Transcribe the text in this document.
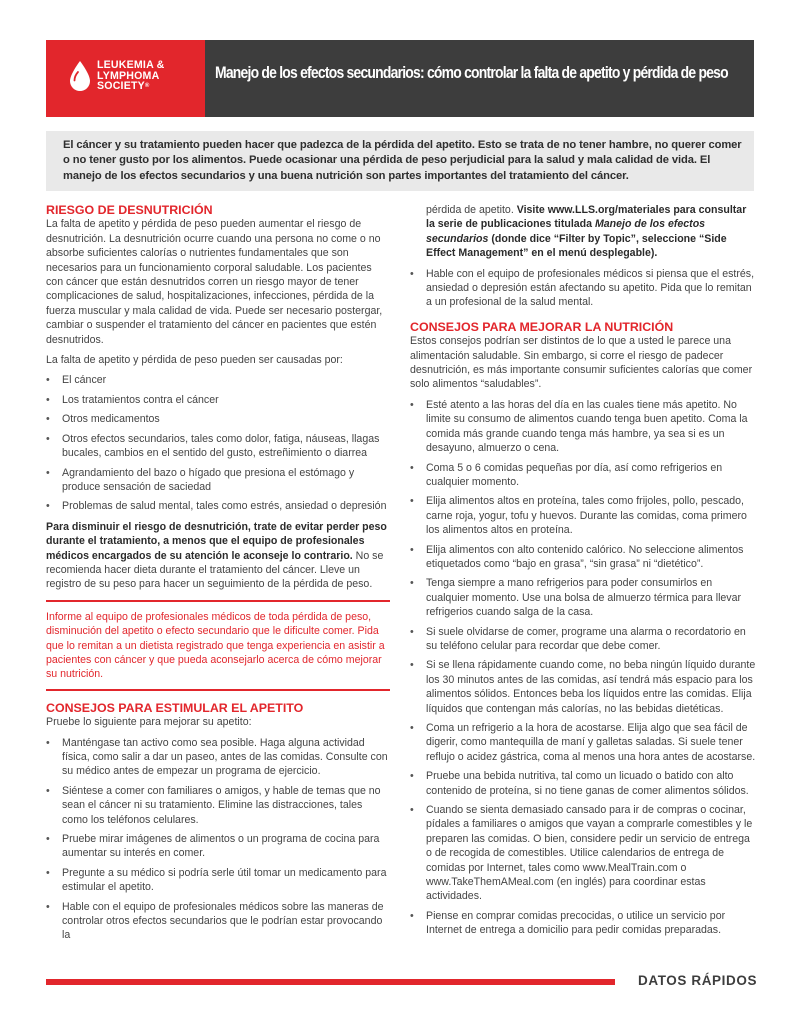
LEUKEMIA &
LYMPHOMA
SOCIETY®
Manejo de los efectos secundarios: cómo controlar la falta de apetito y pérdida de peso

El cáncer y su tratamiento pueden hacer que padezca de la pérdida del apetito. Esto se trata de no tener hambre, no querer comer o no tener gusto por los alimentos. Puede ocasionar una pérdida de peso perjudicial para la salud y mala calidad de vida. El manejo de los efectos secundarios y una buena nutrición son partes importantes del tratamiento del cáncer.

RIESGO DE DESNUTRICIÓN

La falta de apetito y pérdida de peso pueden aumentar el riesgo de desnutrición. La desnutrición ocurre cuando una persona no come o no absorbe suficientes calorías o nutrientes fundamentales que son necesarios para un funcionamiento corporal saludable. Los pacientes con cáncer que están desnutridos corren un riesgo mayor de tener complicaciones de salud, hospitalizaciones, infecciones, pérdida de la fuerza muscular y mala calidad de vida. Puede ser necesario postergar, cambiar o suspender el tratamiento del cáncer en pacientes que estén desnutridos.

La falta de apetito y pérdida de peso pueden ser causadas por:

• El cáncer
• Los tratamientos contra el cáncer
• Otros medicamentos
• Otros efectos secundarios, tales como dolor, fatiga, náuseas, llagas bucales, cambios en el sentido del gusto, estreñimiento o diarrea
• Agrandamiento del bazo o hígado que presiona el estómago y produce sensación de saciedad
• Problemas de salud mental, tales como estrés, ansiedad o depresión

Para disminuir el riesgo de desnutrición, trate de evitar perder peso durante el tratamiento, a menos que el equipo de profesionales médicos encargados de su atención le aconseje lo contrario. No se recomienda hacer dieta durante el tratamiento del cáncer. Lleve un registro de su peso para hacer un seguimiento de la pérdida de peso.

Informe al equipo de profesionales médicos de toda pérdida de peso, disminución del apetito o efecto secundario que le dificulte comer. Pida que lo remitan a un dietista registrado que tenga experiencia en asistir a pacientes con cáncer y que pueda aconsejarlo acerca de cómo mejorar su nutrición.
CONSEJOS PARA ESTIMULAR EL APETITO

Pruebe lo siguiente para mejorar su apetito:

• Manténgase tan activo como sea posible. Haga alguna actividad física, como salir a dar un paseo, antes de las comidas. Consulte con su médico antes de empezar un programa de ejercicio.
• Siéntese a comer con familiares o amigos, y hable de temas que no sean el cáncer ni su tratamiento. Elimine las distracciones, tales como los teléfonos celulares.
• Pruebe mirar imágenes de alimentos o un programa de cocina para aumentar su interés en comer.
• Pregunte a su médico si podría serle útil tomar un medicamento para estimular el apetito.
• Hable con el equipo de profesionales médicos sobre las maneras de controlar otros efectos secundarios que le podrían estar provocando la

pérdida de apetito. Visite www.LLS.org/materiales para consultar la serie de publicaciones titulada Manejo de los efectos secundarios (donde dice “Filter by Topic”, seleccione “Side Effect Management” en el menú desplegable).

• Hable con el equipo de profesionales médicos si piensa que el estrés, ansiedad o depresión están afectando su apetito. Pida que lo remitan a un profesional de la salud mental.
CONSEJOS PARA MEJORAR LA NUTRICIÓN

Estos consejos podrían ser distintos de lo que a usted le parece una alimentación saludable. Sin embargo, si corre el riesgo de padecer desnutrición, es más importante consumir suficientes calorías que comer solo alimentos “saludables”.

• Esté atento a las horas del día en las cuales tiene más apetito. No limite su consumo de alimentos cuando tenga buen apetito. Coma la comida más grande cuando tenga más hambre, ya sea si es un desayuno, almuerzo o cena.
• Coma 5 o 6 comidas pequeñas por día, así como refrigerios en cualquier momento.
• Elija alimentos altos en proteína, tales como frijoles, pollo, pescado, carne roja, yogur, tofu y huevos. Durante las comidas, coma primero los alimentos altos en proteína.
• Elija alimentos con alto contenido calórico. No seleccione alimentos etiquetados como “bajo en grasa”, “sin grasa” ni “dietético”.
• Tenga siempre a mano refrigerios para poder consumirlos en cualquier momento. Use una bolsa de almuerzo térmica para llevar refrigerios cuando salga de la casa.
• Si suele olvidarse de comer, programe una alarma o recordatorio en su teléfono celular para recordar que debe comer.
• Si se llena rápidamente cuando come, no beba ningún líquido durante los 30 minutos antes de las comidas, así tendrá más espacio para los alimentos sólidos. Entonces beba los líquidos entre las comidas. Elija líquidos que contengan más calorías, no las bebidas dietéticas.
• Coma un refrigerio a la hora de acostarse. Elija algo que sea fácil de digerir, como mantequilla de maní y galletas saladas. Si suele tener reflujo o acidez gástrica, coma al menos una hora antes de acostarse.
• Pruebe una bebida nutritiva, tal como un licuado o batido con alto contenido de proteína, si no tiene ganas de comer alimentos sólidos.
• Cuando se sienta demasiado cansado para ir de compras o cocinar, pídales a familiares o amigos que vayan a comprarle comestibles y le preparen las comidas. O bien, considere pedir un servicio de entrega o de recogida de comestibles. Utilice calendarios de entrega de comidas por Internet, tales como www.MealTrain.com o www.TakeThemAMeal.com (en inglés) para coordinar estas actividades.
• Piense en comprar comidas precocidas, o utilice un servicio por Internet de entrega a domicilio para pedir comidas preparadas.
DATOS RÁPIDOS
